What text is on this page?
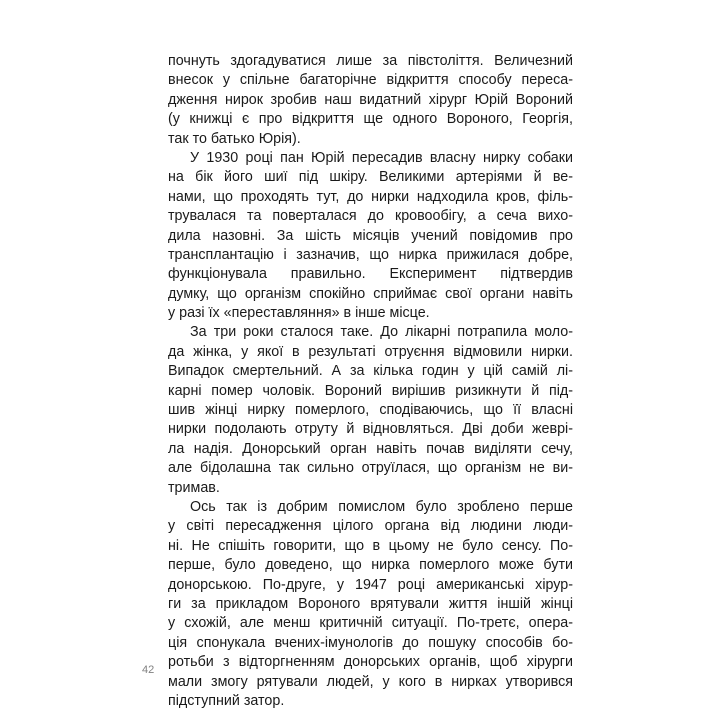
почнуть здогадуватися лише за півстоліття. Величезний
внесок у спільне багаторічне відкриття способу переса-
дження нирок зробив наш видатний хірург Юрій Вороний
(у книжці є про відкриття ще одного Вороного, Георгія,
так то батько Юрія).
У 1930 році пан Юрій пересадив власну нирку собаки
на бік його шиї під шкіру. Великими артеріями й ве-
нами, що проходять тут, до нирки надходила кров, філь-
трувалася та поверталася до кровообігу, а сеча вихо-
дила назовні. За шість місяців учений повідомив про
трансплантацію і зазначив, що нирка прижилася добре,
функціонувала правильно. Експеримент підтвердив
думку, що організм спокійно сприймає свої органи навіть
у разі їх «переставляння» в інше місце.
За три роки сталося таке. До лікарні потрапила моло-
да жінка, у якої в результаті отруєння відмовили нирки.
Випадок смертельний. А за кілька годин у цій самій лі-
карні помер чоловік. Вороний вирішив ризикнути й під-
шив жінці нирку померлого, сподіваючись, що її власні
нирки подолають отруту й відновляться. Дві доби жеврі-
ла надія. Донорський орган навіть почав виділяти сечу,
але бідолашна так сильно отруїлася, що організм не ви-
тримав.
Ось так із добрим помислом було зроблено перше
у світі пересадження цілого органа від людини люди-
ні. Не спішіть говорити, що в цьому не було сенсу. По-
перше, було доведено, що нирка померлого може бути
донорською. По-друге, у 1947 році американські хірур-
ги за прикладом Вороного врятували життя іншій жінці
у схожій, але менш критичній ситуації. По-третє, опера-
ція спонукала вчених-імунологів до пошуку способів бо-
ротьби з відторгненням донорських органів, щоб хірурги
мали змогу рятували людей, у кого в нирках утворився
підступний затор.
42
